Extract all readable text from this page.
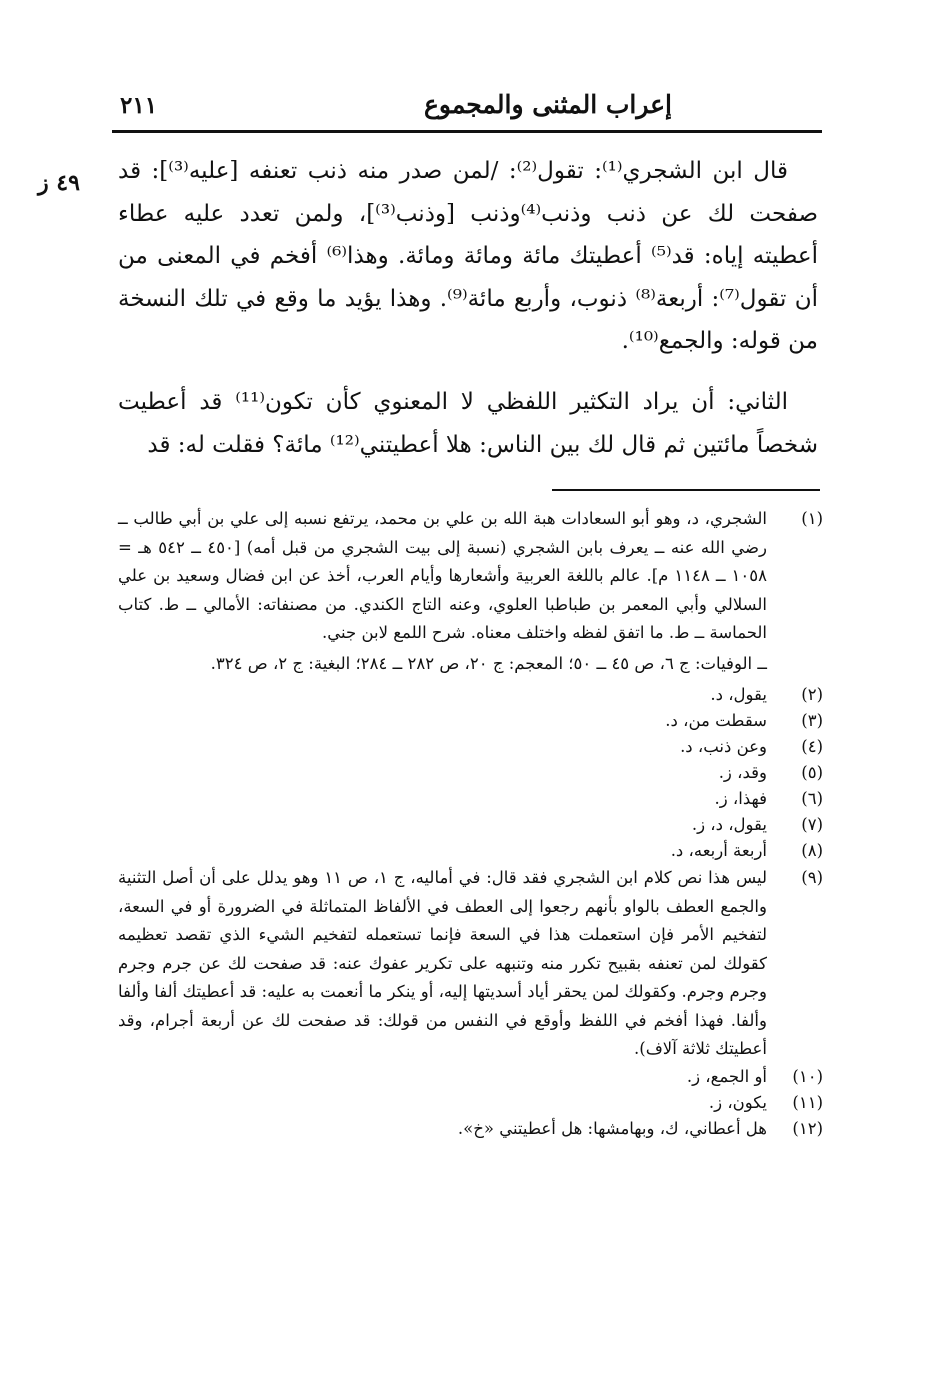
إعراب المثنى والمجموع
٢١١
٤٩ ز قال ابن الشجري⁽¹⁾: تقول⁽²⁾: /لمن صدر منه ذنب تعنفه [عليه⁽³⁾]: قد صفحت لك عن ذنب وذنب⁽⁴⁾وذنب [وذنب⁽³⁾]، ولمن تعدد عليه عطاء أعطيته إياه: قد⁽⁵⁾ أعطيتك مائة ومائة ومائة. وهذا⁽⁶⁾ أفخم في المعنى من أن تقول⁽⁷⁾: أربعة⁽⁸⁾ ذنوب، وأربع مائة⁽⁹⁾. وهذا يؤيد ما وقع في تلك النسخة من قوله: والجمع⁽¹⁰⁾.

الثاني: أن يراد التكثير اللفظي لا المعنوي كأن تكون⁽¹¹⁾ قد أعطيت شخصاً مائتين ثم قال لك بين الناس: هلا أعطيتني⁽¹²⁾ مائة؟ فقلت له: قد

(١)

الشجري، د، وهو أبو السعادات هبة الله بن علي بن محمد، يرتفع نسبه إلى علي بن أبي طالب ــ رضي الله عنه ــ يعرف بابن الشجري (نسبة إلى بيت الشجري من قبل أمه) [٤٥٠ ــ ٥٤٢ هـ = ١٠٥٨ ــ ١١٤٨ م]. عالم باللغة العربية وأشعارها وأيام العرب، أخذ عن ابن فضال وسعيد بن علي السلالي وأبي المعمر بن طباطبا العلوي، وعنه التاج الكندي. من مصنفاته: الأمالي ــ ط. كتاب الحماسة ــ ط. ما اتفق لفظه واختلف معناه. شرح اللمع لابن جني.

ــ الوفيات: ج ٦، ص ٤٥ ــ ٥٠؛ المعجم: ج ٢٠، ص ٢٨٢ ــ ٢٨٤؛ البغية: ج ٢، ص ٣٢٤.

(٢)

يقول، د.

(٣)

سقطت من، د.

(٤)

وعن ذنب، د.

(٥)

وقد، ز.

(٦)

فهذا، ز.

(٧)

يقول، د، ز.

(٨)

أربعة أربعه، د.

(٩)

ليس هذا نص كلام ابن الشجري فقد قال: في أماليه، ج ١، ص ١١ وهو يدلل على أن أصل التثنية والجمع العطف بالواو بأنهم رجعوا إلى العطف في الألفاظ المتماثلة في الضرورة أو في السعة، لتفخيم الأمر فإن استعملت هذا في السعة فإنما تستعمله لتفخيم الشيء الذي تقصد تعظيمه كقولك لمن تعنفه بقبيح تكرر منه وتنبهه على تكرير عفوك عنه: قد صفحت لك عن جرم وجرم وجرم وجرم. وكقولك لمن يحقر أياد أسديتها إليه، أو ينكر ما أنعمت به عليه: قد أعطيتك ألفا وألفا وألفا. فهذا أفخم في اللفظ وأوقع في النفس من قولك: قد صفحت لك عن أربعة أجرام، وقد أعطيتك ثلاثة آلاف).

(١٠)

أو الجمع، ز.

(١١)

يكون، ز.

(١٢)

هل أعطاني، ك، وبهامشها: هل أعطيتني «خ».
